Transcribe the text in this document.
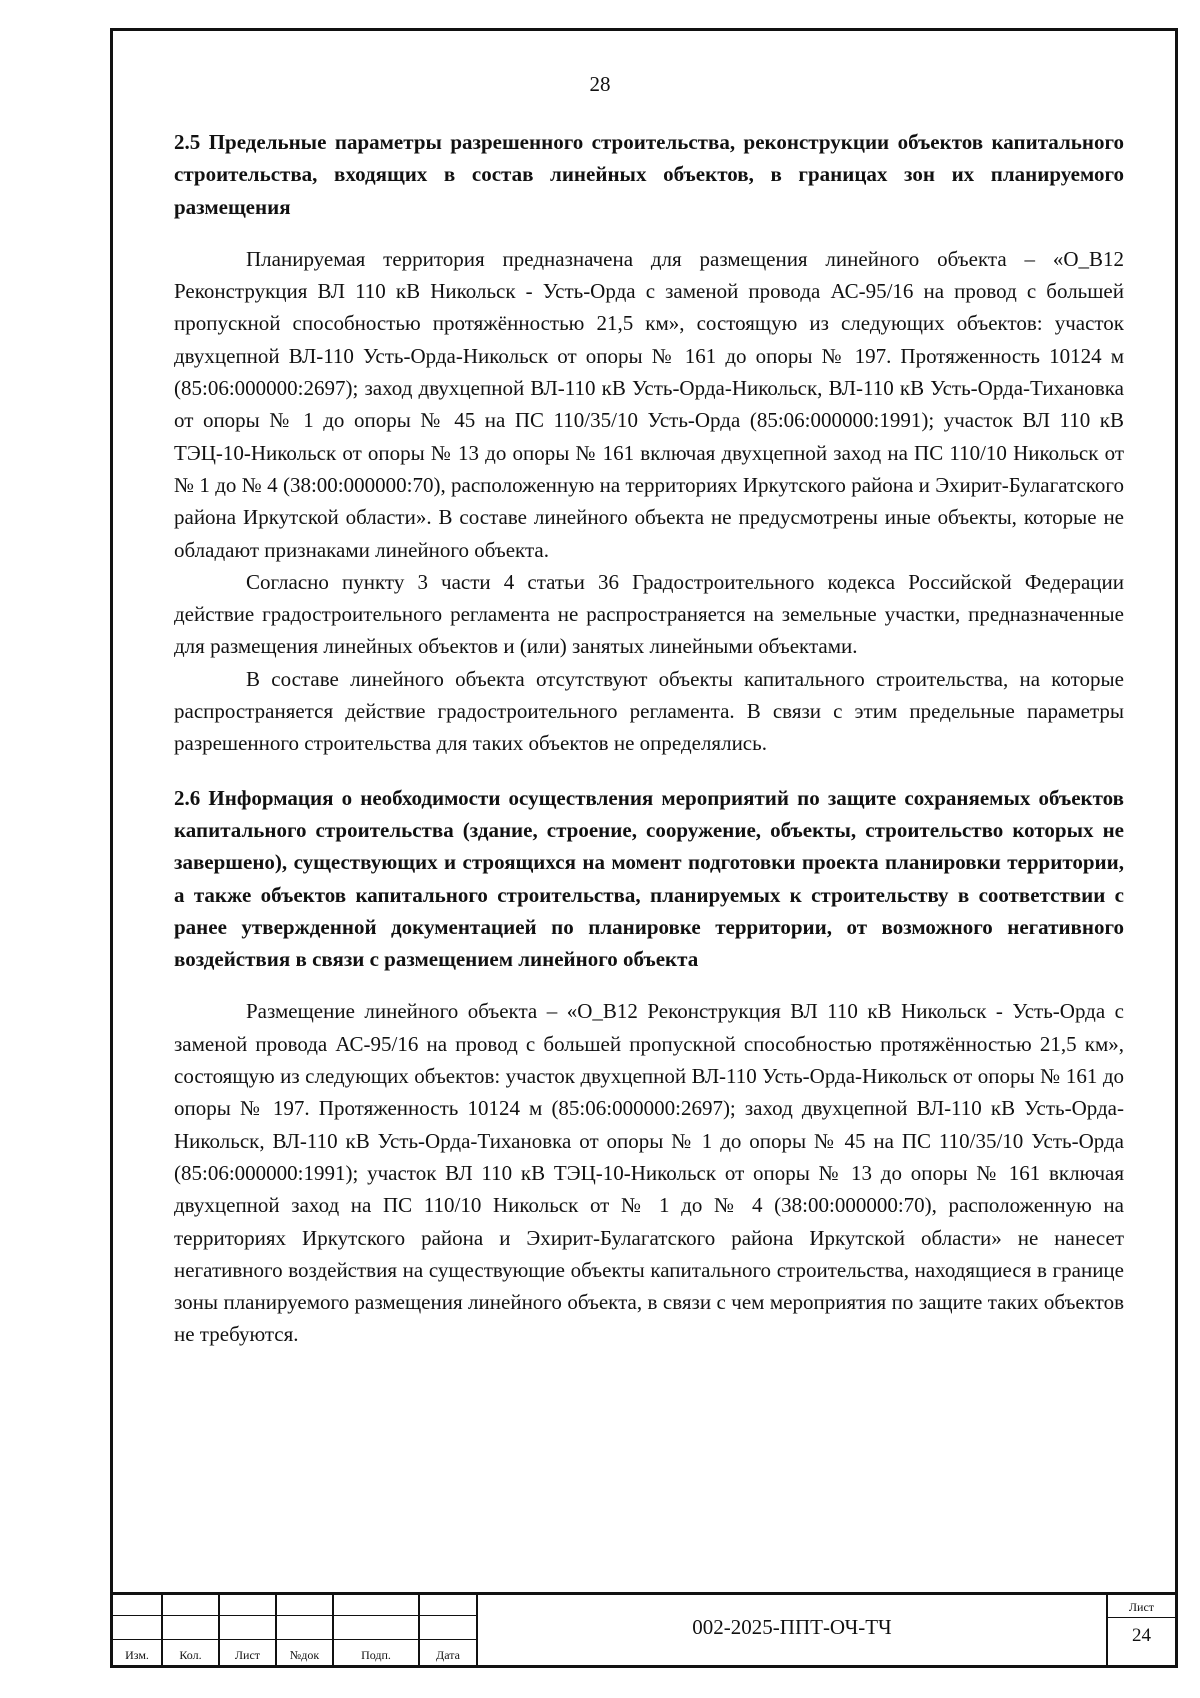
28

2.5 Предельные параметры разрешенного строительства, реконструкции объектов капитального строительства, входящих в состав линейных объектов, в границах зон их планируемого размещения

Планируемая территория предназначена для размещения линейного объекта – «О_В12 Реконструкция ВЛ 110 кВ Никольск - Усть-Орда с заменой провода АС-95/16 на провод с большей пропускной способностью протяжённостью 21,5 км», состоящую из следующих объектов: участок двухцепной ВЛ-110 Усть-Орда-Никольск от опоры № 161 до опоры № 197. Протяженность 10124 м (85:06:000000:2697); заход двухцепной ВЛ-110 кВ Усть-Орда-Никольск, ВЛ-110 кВ Усть-Орда-Тихановка от опоры № 1 до опоры № 45 на ПС 110/35/10 Усть-Орда (85:06:000000:1991); участок ВЛ 110 кВ ТЭЦ-10-Никольск от опоры № 13 до опоры № 161 включая двухцепной заход на ПС 110/10 Никольск от № 1 до № 4 (38:00:000000:70), расположенную на территориях Иркутского района и Эхирит-Булагатского района Иркутской области». В составе линейного объекта не предусмотрены иные объекты, которые не обладают признаками линейного объекта.

Согласно пункту 3 части 4 статьи 36 Градостроительного кодекса Российской Федерации действие градостроительного регламента не распространяется на земельные участки, предназначенные для размещения линейных объектов и (или) занятых линейными объектами.

В составе линейного объекта отсутствуют объекты капитального строительства, на которые распространяется действие градостроительного регламента. В связи с этим предельные параметры разрешенного строительства для таких объектов не определялись.

2.6 Информация о необходимости осуществления мероприятий по защите сохраняемых объектов капитального строительства (здание, строение, сооружение, объекты, строительство которых не завершено), существующих и строящихся на момент подготовки проекта планировки территории, а также объектов капитального строительства, планируемых к строительству в соответствии с ранее утвержденной документацией по планировке территории, от возможного негативного воздействия в связи с размещением линейного объекта

Размещение линейного объекта – «О_В12 Реконструкция ВЛ 110 кВ Никольск - Усть-Орда с заменой провода АС-95/16 на провод с большей пропускной способностью протяжённостью 21,5 км», состоящую из следующих объектов: участок двухцепной ВЛ-110 Усть-Орда-Никольск от опоры № 161 до опоры № 197. Протяженность 10124 м (85:06:000000:2697); заход двухцепной ВЛ-110 кВ Усть-Орда-Никольск, ВЛ-110 кВ Усть-Орда-Тихановка от опоры № 1 до опоры № 45 на ПС 110/35/10 Усть-Орда (85:06:000000:1991); участок ВЛ 110 кВ ТЭЦ-10-Никольск от опоры № 13 до опоры № 161 включая двухцепной заход на ПС 110/10 Никольск от № 1 до № 4 (38:00:000000:70), расположенную на территориях Иркутского района и Эхирит-Булагатского района Иркутской области» не нанесет негативного воздействия на существующие объекты капитального строительства, находящиеся в границе зоны планируемого размещения линейного объекта, в связи с чем мероприятия по защите таких объектов не требуются.

Изм.	Кол.	Лист	№док	Подп.	Дата
002-2025-ППТ-ОЧ-ТЧ
Лист
24
